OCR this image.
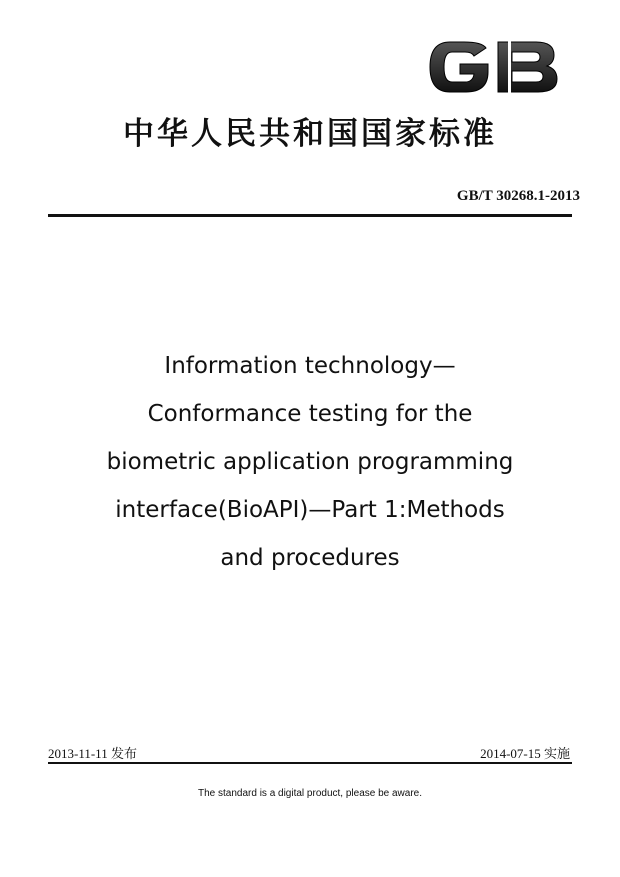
中华人民共和国国家标准
GB/T 30268.1-2013
Information technology—
Conformance testing for the
biometric application programming
interface(BioAPI)—Part 1:Methods
and procedures
2013-11-11 发布	2014-07-15 实施
The standard is a digital product, please be aware.
